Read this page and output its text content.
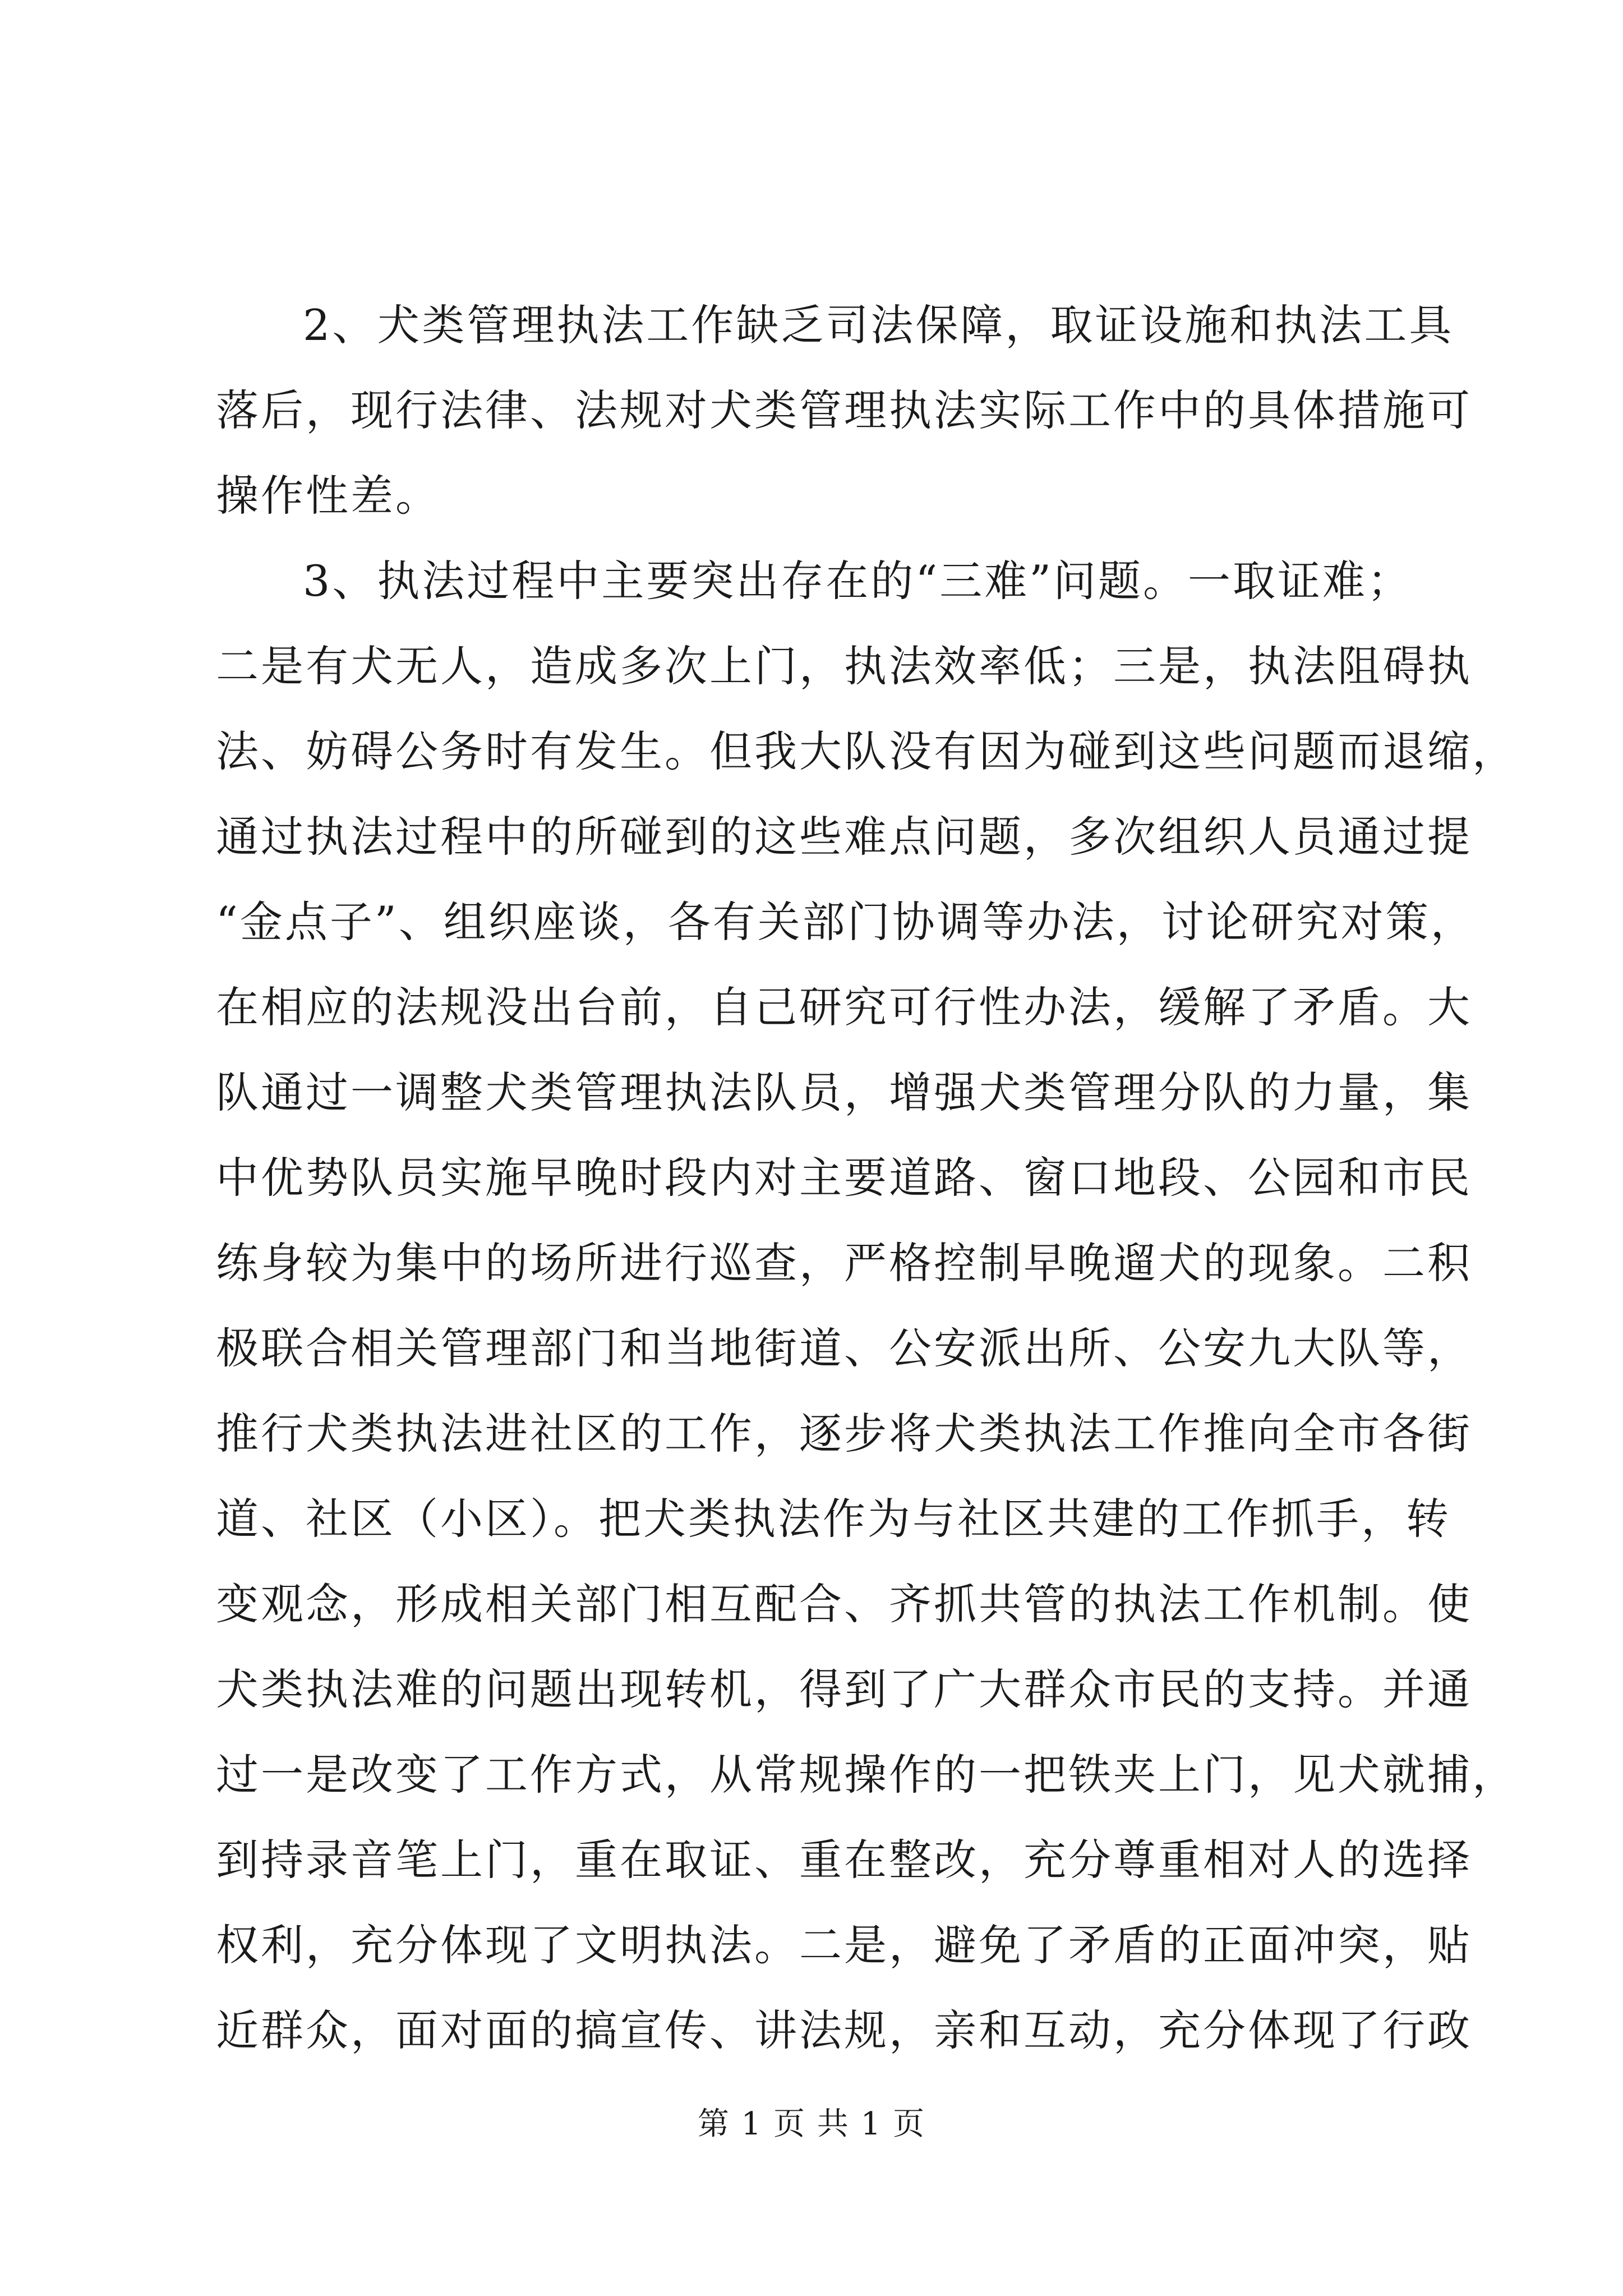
2、犬类管理执法工作缺乏司法保障，取证设施和执法工具
落后，现行法律、法规对犬类管理执法实际工作中的具体措施可
操作性差。
3、执法过程中主要突出存在的“三难”问题。一取证难；
二是有犬无人，造成多次上门，执法效率低；三是，执法阻碍执
法、妨碍公务时有发生。但我大队没有因为碰到这些问题而退缩，
通过执法过程中的所碰到的这些难点问题，多次组织人员通过提
“金点子”、组织座谈，各有关部门协调等办法，讨论研究对策，
在相应的法规没出台前，自己研究可行性办法，缓解了矛盾。大
队通过一调整犬类管理执法队员，增强犬类管理分队的力量，集
中优势队员实施早晚时段内对主要道路、窗口地段、公园和市民
练身较为集中的场所进行巡查，严格控制早晚遛犬的现象。二积
极联合相关管理部门和当地街道、公安派出所、公安九大队等，
推行犬类执法进社区的工作，逐步将犬类执法工作推向全市各街
道、社区（小区）。把犬类执法作为与社区共建的工作抓手，转
变观念，形成相关部门相互配合、齐抓共管的执法工作机制。使
犬类执法难的问题出现转机，得到了广大群众市民的支持。并通
过一是改变了工作方式，从常规操作的一把铁夹上门，见犬就捕，
到持录音笔上门，重在取证、重在整改，充分尊重相对人的选择
权利，充分体现了文明执法。二是，避免了矛盾的正面冲突，贴
近群众，面对面的搞宣传、讲法规，亲和互动，充分体现了行政
第 1 页 共 1 页
